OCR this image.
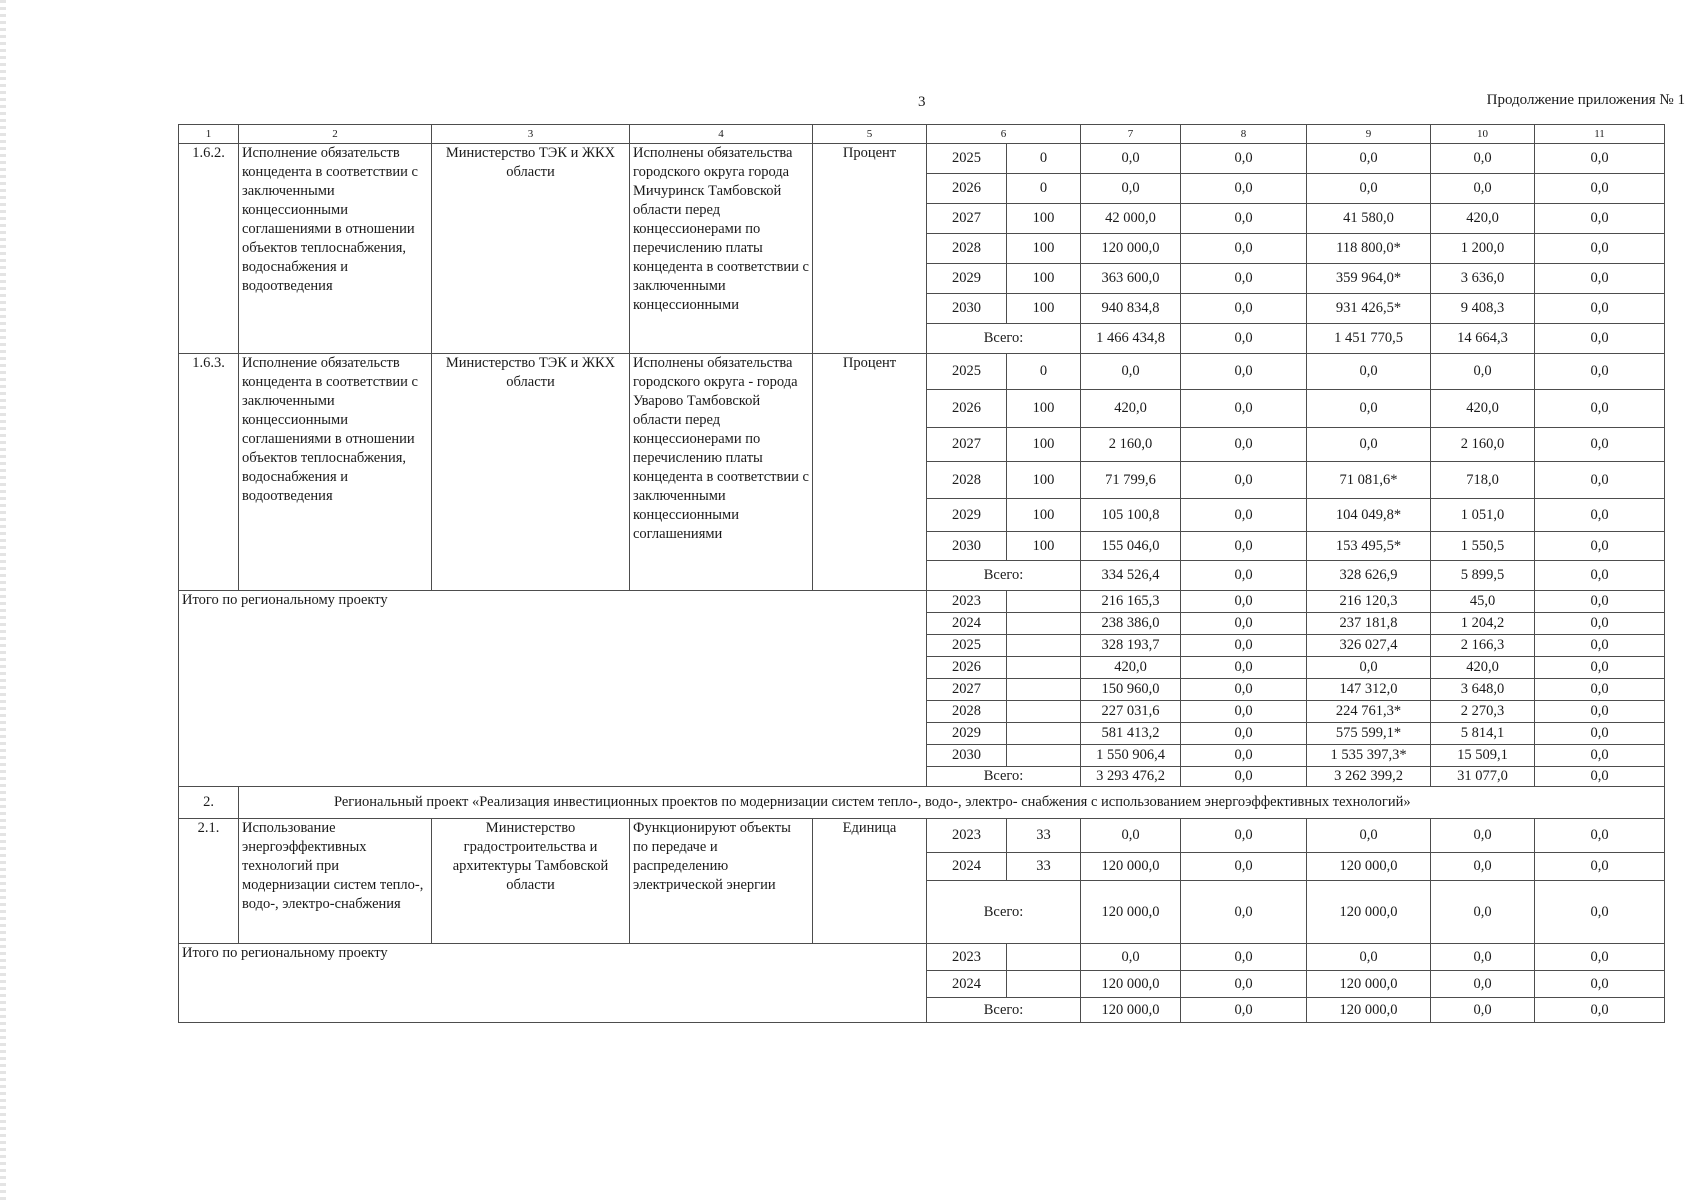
3	Продолжение приложения № 1
1	2	3	4	5	6		7	8	9	10	11
1.6.2.	Исполнение обязательств концедента в соответствии с заключенными концессионными соглашениями в отношении объектов теплоснабжения, водоснабжения и водоотведения	Министерство ТЭК и ЖКХ области	Исполнены обязательства городского округа города Мичуринск Тамбовской области перед концессионерами по перечислению платы концедента в соответствии с заключенными концессионными	Процент	2025	0	0,0	0,0	0,0	0,0	0,0
					2026	0	0,0	0,0	0,0	0,0	0,0
					2027	100	42 000,0	0,0	41 580,0	420,0	0,0
					2028	100	120 000,0	0,0	118 800,0*	1 200,0	0,0
					2029	100	363 600,0	0,0	359 964,0*	3 636,0	0,0
					2030	100	940 834,8	0,0	931 426,5*	9 408,3	0,0
					Всего:		1 466 434,8	0,0	1 451 770,5	14 664,3	0,0
1.6.3.	Исполнение обязательств концедента в соответствии с заключенными концессионными соглашениями в отношении объектов теплоснабжения, водоснабжения и водоотведения	Министерство ТЭК и ЖКХ области	Исполнены обязательства городского округа - города Уварово Тамбовской области перед концессионерами по перечислению платы концедента в соответствии с заключенными концессионными соглашениями	Процент	2025	0	0,0	0,0	0,0	0,0	0,0
					2026	100	420,0	0,0	0,0	420,0	0,0
					2027	100	2 160,0	0,0	0,0	2 160,0	0,0
					2028	100	71 799,6	0,0	71 081,6*	718,0	0,0
					2029	100	105 100,8	0,0	104 049,8*	1 051,0	0,0
					2030	100	155 046,0	0,0	153 495,5*	1 550,5	0,0
					Всего:		334 526,4	0,0	328 626,9	5 899,5	0,0
Итого по региональному проекту					2023		216 165,3	0,0	216 120,3	45,0	0,0
					2024		238 386,0	0,0	237 181,8	1 204,2	0,0
					2025		328 193,7	0,0	326 027,4	2 166,3	0,0
					2026		420,0	0,0	0,0	420,0	0,0
					2027		150 960,0	0,0	147 312,0	3 648,0	0,0
					2028		227 031,6	0,0	224 761,3*	2 270,3	0,0
					2029		581 413,2	0,0	575 599,1*	5 814,1	0,0
					2030		1 550 906,4	0,0	1 535 397,3*	15 509,1	0,0
					Всего:		3 293 476,2	0,0	3 262 399,2	31 077,0	0,0
2.	Региональный проект «Реализация инвестиционных проектов по модернизации систем тепло-, водо-, электро- снабжения с использованием энергоэффективных технологий»										
2.1.	Использование энергоэффективных технологий при модернизации систем тепло-, водо-, электро-снабжения	Министерство градостроительства и архитектуры Тамбовской области	Функционируют объекты по передаче и распределению электрической энергии	Единица	2023	33	0,0	0,0	0,0	0,0	0,0
					2024	33	120 000,0	0,0	120 000,0	0,0	0,0
					Всего:		120 000,0	0,0	120 000,0	0,0	0,0
Итого по региональному проекту					2023		0,0	0,0	0,0	0,0	0,0
					2024		120 000,0	0,0	120 000,0	0,0	0,0
					Всего:		120 000,0	0,0	120 000,0	0,0	0,0
